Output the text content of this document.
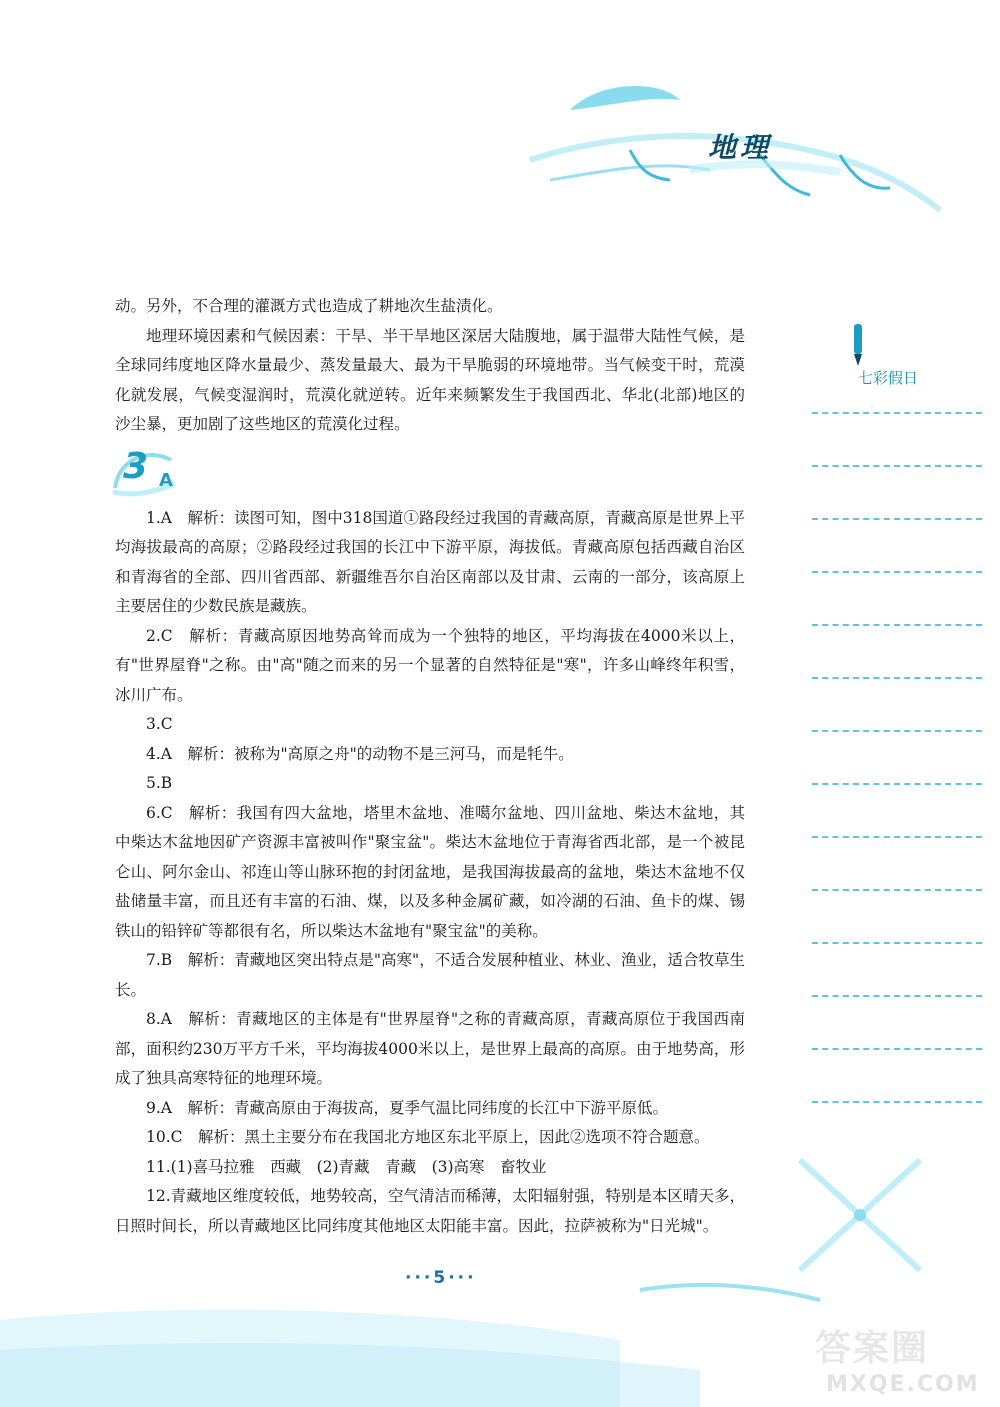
地理
七彩假日

动。另外，不合理的灌溉方式也造成了耕地次生盐渍化。

地理环境因素和气候因素：干旱、半干旱地区深居大陆腹地，属于温带大陆性气候，是全球同纬度地区降水量最少、蒸发量最大、最为干旱脆弱的环境地带。当气候变干时，荒漠化就发展，气候变湿润时，荒漠化就逆转。近年来频繁发生于我国西北、华北(北部)地区的沙尘暴，更加剧了这些地区的荒漠化过程。

3 A

1.A　解析：读图可知，图中318国道①路段经过我国的青藏高原，青藏高原是世界上平均海拔最高的高原；②路段经过我国的长江中下游平原，海拔低。青藏高原包括西藏自治区和青海省的全部、四川省西部、新疆维吾尔自治区南部以及甘肃、云南的一部分，该高原上主要居住的少数民族是藏族。

2.C　解析：青藏高原因地势高耸而成为一个独特的地区，平均海拔在4000米以上，有"世界屋脊"之称。由"高"随之而来的另一个显著的自然特征是"寒"，许多山峰终年积雪，冰川广布。

3.C

4.A　解析：被称为"高原之舟"的动物不是三河马，而是牦牛。

5.B

6.C　解析：我国有四大盆地，塔里木盆地、准噶尔盆地、四川盆地、柴达木盆地，其中柴达木盆地因矿产资源丰富被叫作"聚宝盆"。柴达木盆地位于青海省西北部，是一个被昆仑山、阿尔金山、祁连山等山脉环抱的封闭盆地，是我国海拔最高的盆地，柴达木盆地不仅盐储量丰富，而且还有丰富的石油、煤，以及多种金属矿藏，如冷湖的石油、鱼卡的煤、锡铁山的铅锌矿等都很有名，所以柴达木盆地有"聚宝盆"的美称。

7.B　解析：青藏地区突出特点是"高寒"，不适合发展种植业、林业、渔业，适合牧草生长。

8.A　解析：青藏地区的主体是有"世界屋脊"之称的青藏高原，青藏高原位于我国西南部，面积约230万平方千米，平均海拔4000米以上，是世界上最高的高原。由于地势高，形成了独具高寒特征的地理环境。

9.A　解析：青藏高原由于海拔高，夏季气温比同纬度的长江中下游平原低。

10.C　解析：黑土主要分布在我国北方地区东北平原上，因此②选项不符合题意。

11.(1)喜马拉雅　西藏　(2)青藏　青藏　(3)高寒　畜牧业

12.青藏地区维度较低，地势较高，空气清洁而稀薄，太阳辐射强，特别是本区晴天多，日照时间长，所以青藏地区比同纬度其他地区太阳能丰富。因此，拉萨被称为"日光城"。

···5···
答案圈
MXQE.COM
